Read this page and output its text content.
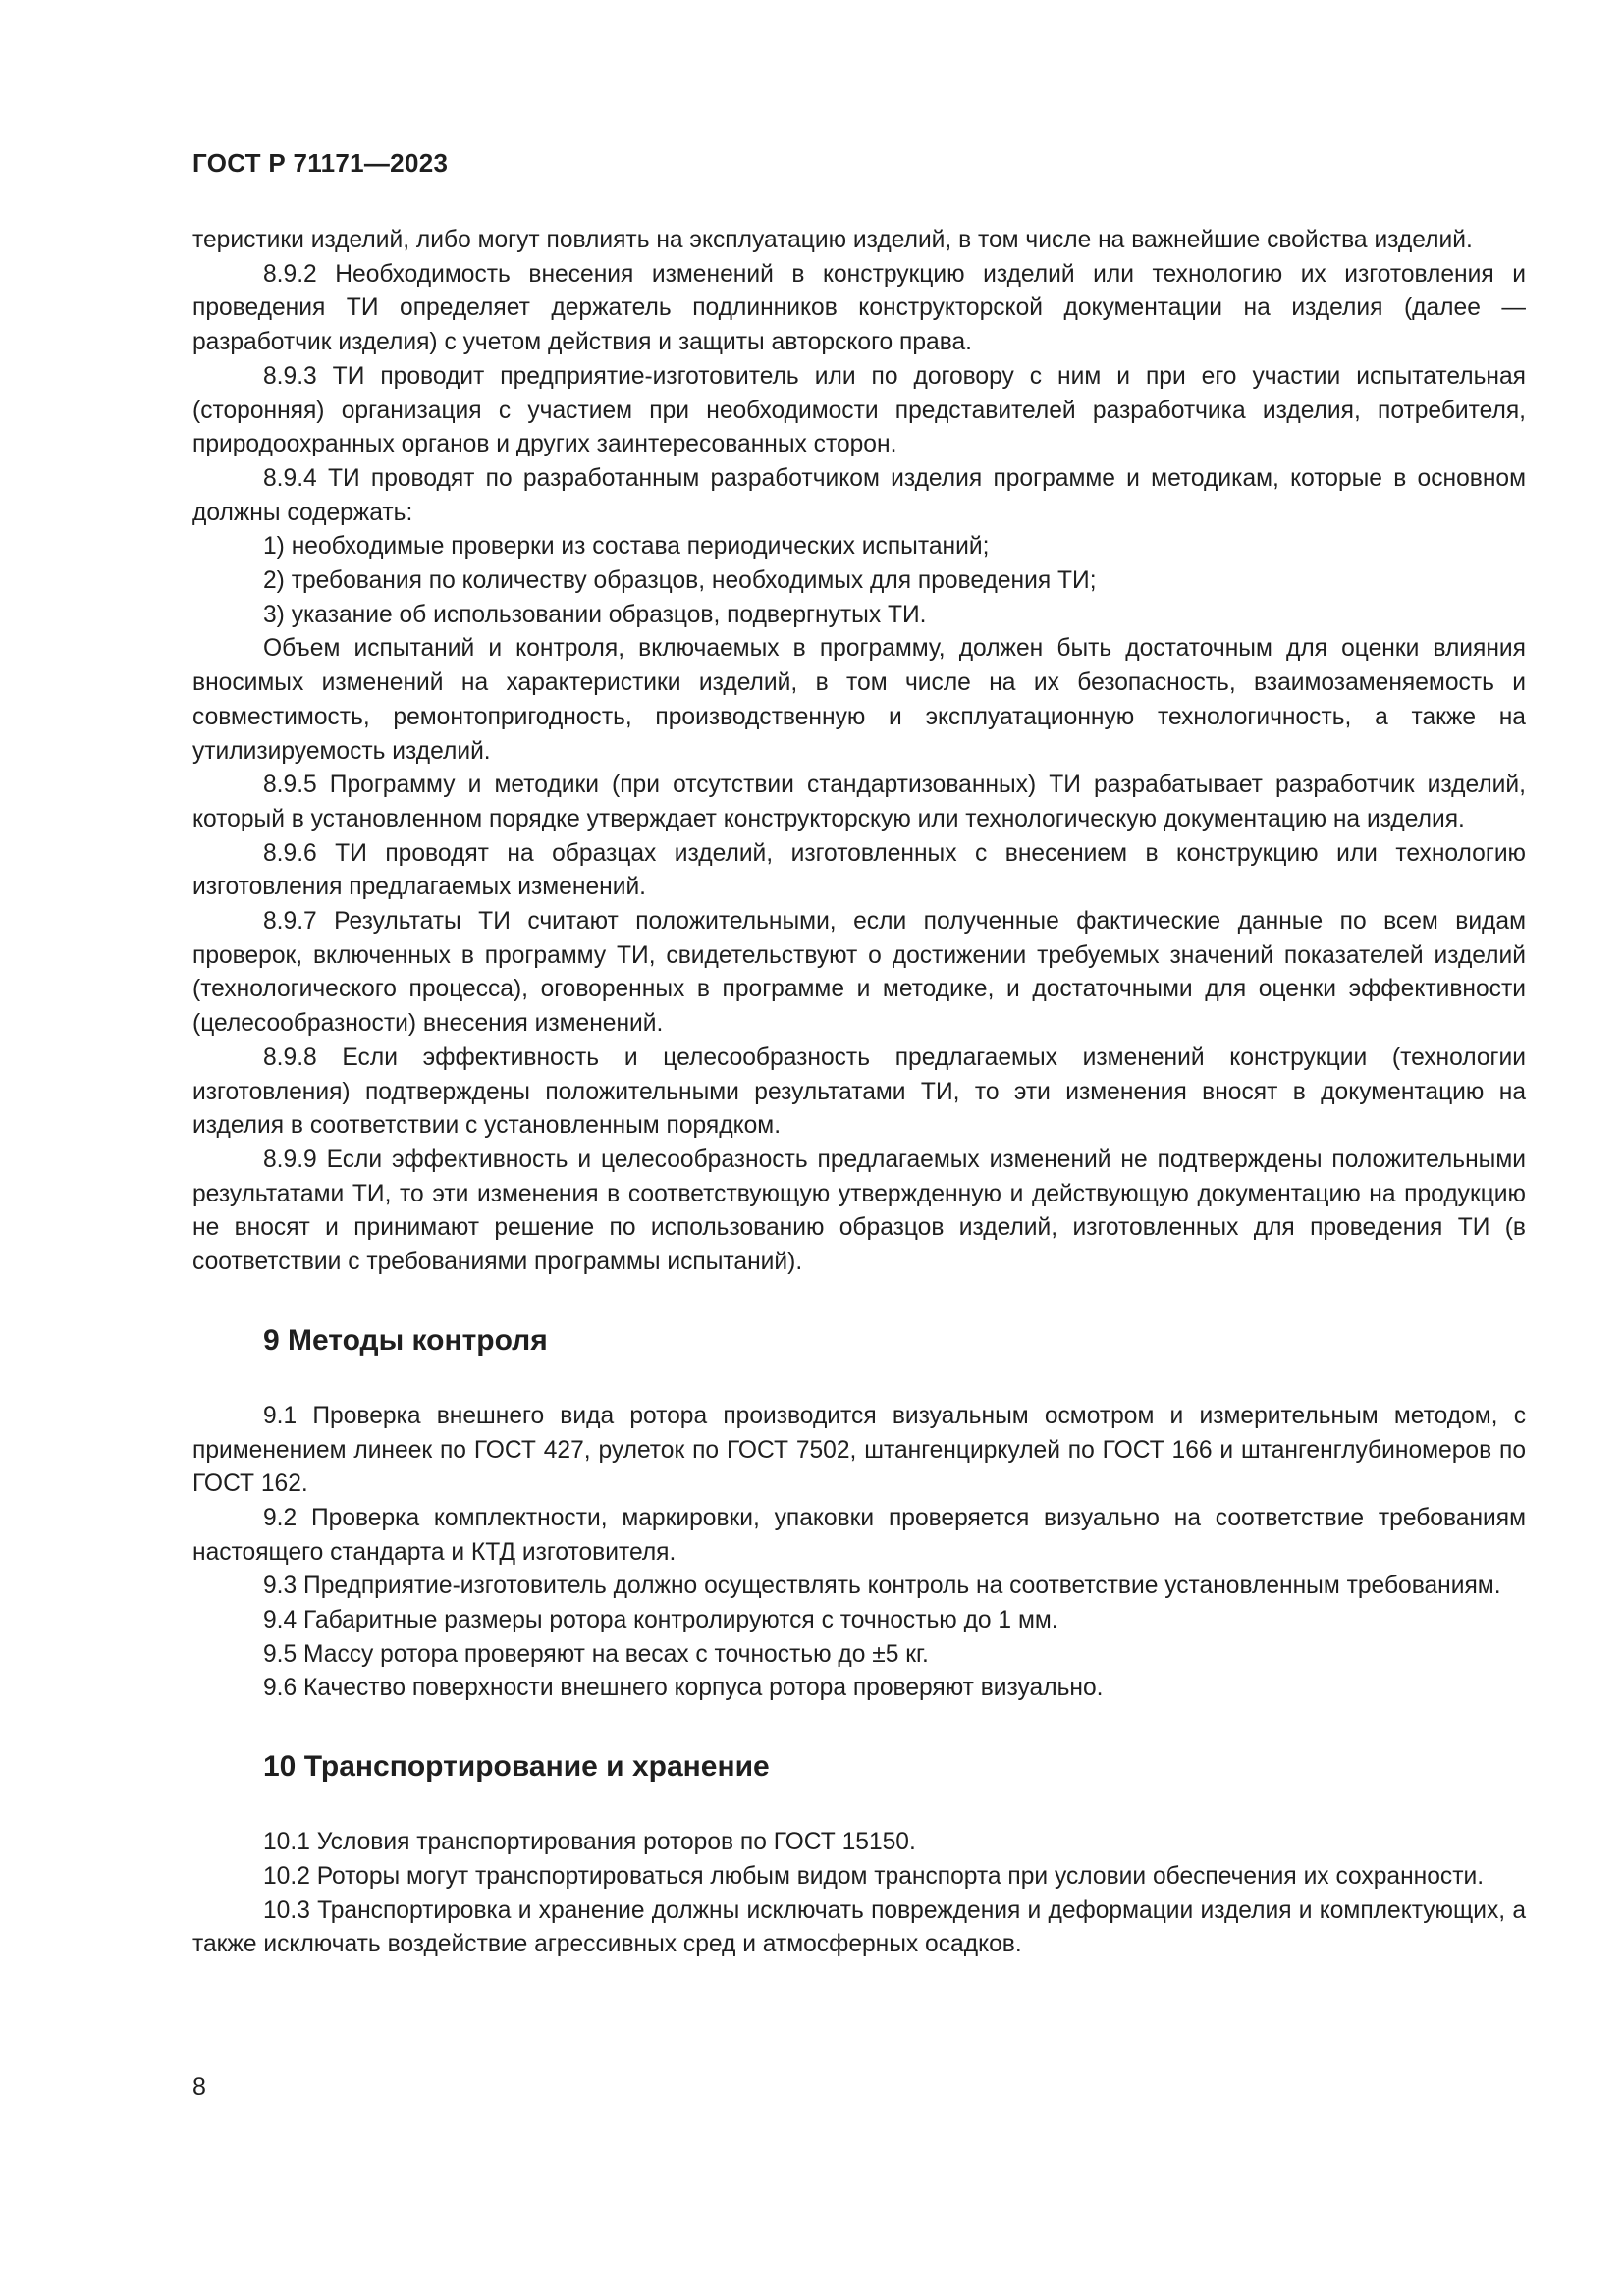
ГОСТ Р 71171—2023

теристики изделий, либо могут повлиять на эксплуатацию изделий, в том числе на важнейшие свойства изделий.

8.9.2 Необходимость внесения изменений в конструкцию изделий или технологию их изготовления и проведения ТИ определяет держатель подлинников конструкторской документации на изделия (далее — разработчик изделия) с учетом действия и защиты авторского права.

8.9.3 ТИ проводит предприятие-изготовитель или по договору с ним и при его участии испытательная (сторонняя) организация с участием при необходимости представителей разработчика изделия, потребителя, природоохранных органов и других заинтересованных сторон.

8.9.4 ТИ проводят по разработанным разработчиком изделия программе и методикам, которые в основном должны содержать:

1) необходимые проверки из состава периодических испытаний;

2) требования по количеству образцов, необходимых для проведения ТИ;

3) указание об использовании образцов, подвергнутых ТИ.

Объем испытаний и контроля, включаемых в программу, должен быть достаточным для оценки влияния вносимых изменений на характеристики изделий, в том числе на их безопасность, взаимозаменяемость и совместимость, ремонтопригодность, производственную и эксплуатационную технологичность, а также на утилизируемость изделий.

8.9.5 Программу и методики (при отсутствии стандартизованных) ТИ разрабатывает разработчик изделий, который в установленном порядке утверждает конструкторскую или технологическую документацию на изделия.

8.9.6 ТИ проводят на образцах изделий, изготовленных с внесением в конструкцию или технологию изготовления предлагаемых изменений.

8.9.7 Результаты ТИ считают положительными, если полученные фактические данные по всем видам проверок, включенных в программу ТИ, свидетельствуют о достижении требуемых значений показателей изделий (технологического процесса), оговоренных в программе и методике, и достаточными для оценки эффективности (целесообразности) внесения изменений.

8.9.8 Если эффективность и целесообразность предлагаемых изменений конструкции (технологии изготовления) подтверждены положительными результатами ТИ, то эти изменения вносят в документацию на изделия в соответствии с установленным порядком.

8.9.9 Если эффективность и целесообразность предлагаемых изменений не подтверждены положительными результатами ТИ, то эти изменения в соответствующую утвержденную и действующую документацию на продукцию не вносят и принимают решение по использованию образцов изделий, изготовленных для проведения ТИ (в соответствии с требованиями программы испытаний).

9 Методы контроля

9.1 Проверка внешнего вида ротора производится визуальным осмотром и измерительным методом, с применением линеек по ГОСТ 427, рулеток по ГОСТ 7502, штангенциркулей по ГОСТ 166 и штангенглубиномеров по ГОСТ 162.

9.2 Проверка комплектности, маркировки, упаковки проверяется визуально на соответствие требованиям настоящего стандарта и КТД изготовителя.

9.3 Предприятие-изготовитель должно осуществлять контроль на соответствие установленным требованиям.

9.4 Габаритные размеры ротора контролируются с точностью до 1 мм.

9.5 Массу ротора проверяют на весах с точностью до ±5 кг.

9.6 Качество поверхности внешнего корпуса ротора проверяют визуально.

10 Транспортирование и хранение

10.1 Условия транспортирования роторов по ГОСТ 15150.

10.2 Роторы могут транспортироваться любым видом транспорта при условии обеспечения их сохранности.

10.3 Транспортировка и хранение должны исключать повреждения и деформации изделия и комплектующих, а также исключать воздействие агрессивных сред и атмосферных осадков.

8
